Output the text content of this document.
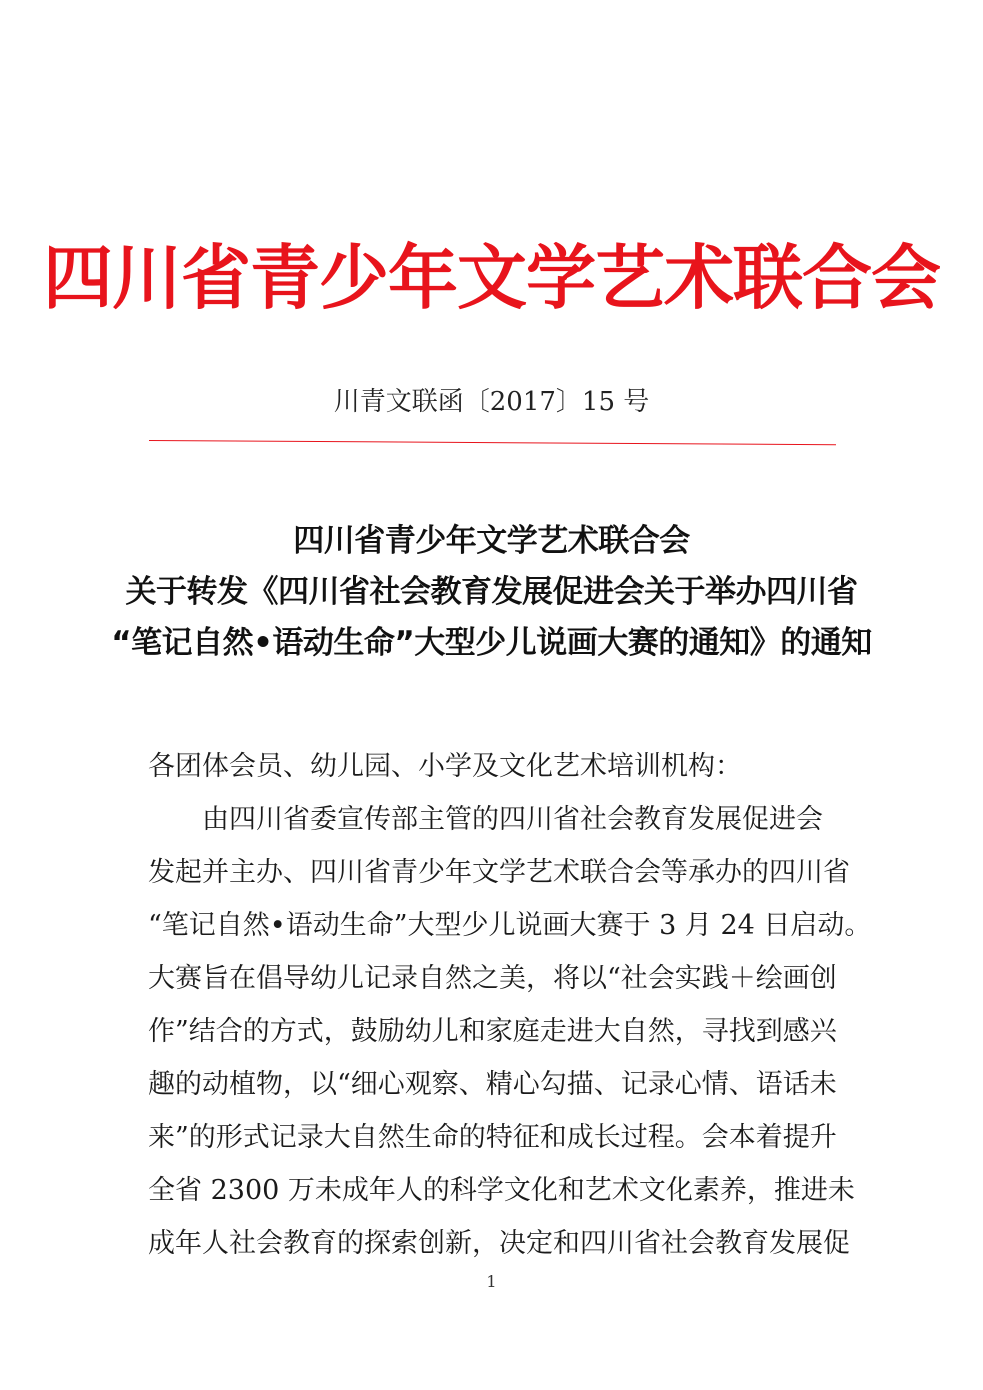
四川省青少年文学艺术联合会
川青文联函〔2017〕15 号
四川省青少年文学艺术联合会
关于转发《四川省社会教育发展促进会关于举办四川省
“笔记自然•语动生命”大型少儿说画大赛的通知》的通知
各团体会员、幼儿园、小学及文化艺术培训机构：
由四川省委宣传部主管的四川省社会教育发展促进会
发起并主办、四川省青少年文学艺术联合会等承办的四川省
“笔记自然•语动生命”大型少儿说画大赛于 3 月 24 日启动。
大赛旨在倡导幼儿记录自然之美，将以“社会实践＋绘画创
作”结合的方式，鼓励幼儿和家庭走进大自然，寻找到感兴
趣的动植物，以“细心观察、精心勾描、记录心情、语话未
来”的形式记录大自然生命的特征和成长过程。会本着提升
全省 2300 万未成年人的科学文化和艺术文化素养，推进未
成年人社会教育的探索创新，决定和四川省社会教育发展促
1
